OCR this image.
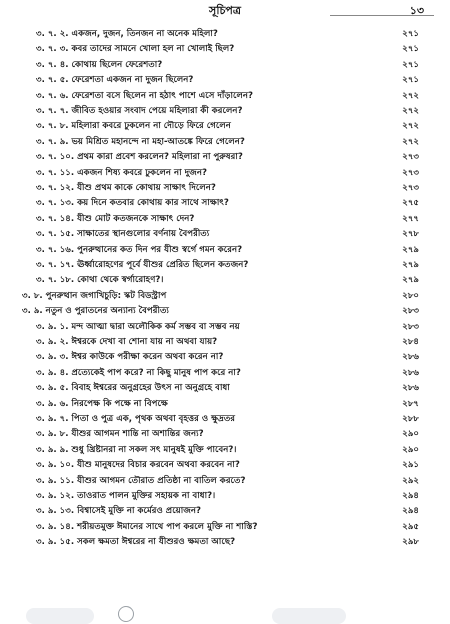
সূচিপত্র	১৩
৩. ৭. ২. একজন, দুজন, তিনজন না অনেক মহিলা?	২৭১
৩. ৭. ৩. কবর তাদের সামনে খোলা হল না খোলাই ছিল?	২৭১
৩. ৭. ৪. কোথায় ছিলেন ফেরেশতা?	২৭১
৩. ৭. ৫. ফেরেশতা একজন না দুজন ছিলেন?	২৭১
৩. ৭. ৬. ফেরেশতা বসে ছিলেন না হঠাৎ পাশে এসে দাঁড়ালেন?	২৭২
৩. ৭. ৭. জীবিত হওয়ার সংবাদ পেয়ে মহিলারা কী করলেন?	২৭২
৩. ৭. ৮. মহিলারা কবরে ঢুকলেন না দৌড়ে ফিরে গেলেন	২৭২
৩. ৭. ৯. ভয় মিশ্রিত মহানন্দে না মহা-আতঙ্কে ফিরে গেলেন?	২৭২
৩. ৭. ১০. প্রথম কারা প্রবেশ করলেন? মহিলারা না পুরুষরা?	২৭৩
৩. ৭. ১১. একজন শিষ্য কবরে ঢুকলেন না দুজন?	২৭৩
৩. ৭. ১২. যীশু প্রথম কাকে কোথায় সাক্ষাৎ দিলেন?	২৭৩
৩. ৭. ১৩. কয় দিনে কতবার কোথায় কার সাথে সাক্ষাৎ?	২৭৫
৩. ৭. ১৪. যীশু মোট কতজনকে সাক্ষাৎ দেন?	২৭৭
৩. ৭. ১৫. সাক্ষাতের স্থানগুলোর বর্ণনায় বৈপরীত্য	২৭৮
৩. ৭. ১৬. পুনরুত্থানের কত দিন পর যীশু স্বর্গে গমন করেন?	২৭৯
৩. ৭. ১৭. ঊর্ধ্বারোহণের পূর্বে যীশুর প্রেরিত ছিলেন কতজন?	২৭৯
৩. ৭. ১৮. কোথা থেকে স্বর্গারোহণ?।	২৭৯
৩. ৮. পুনরুত্থান জগাখিচুড়ি: স্কট বিডস্ট্রাপ	২৮০
৩. ৯. নতুন ও পুরাতনের অন্যান্য বৈপরীত্য	২৮৩
৩. ৯. ১. মন্দ আত্মা দ্বারা অলৌকিক কর্ম সম্ভব বা সম্ভব নয়	২৮৩
৩. ৯. ২. ঈশ্বরকে দেখা বা শোনা যায় না অথবা যায়?	২৮৪
৩. ৯. ৩. ঈশ্বর কাউকে পরীক্ষা করেন অথবা করেন না?	২৮৬
৩. ৯. ৪. প্রত্যেকেই পাপ করে? না কিছু মানুষ পাপ করে না?	২৮৬
৩. ৯. ৫. বিবাহ ঈশ্বরের অনুগ্রহের উৎস না অনুগ্রহে বাধা	২৮৬
৩. ৯. ৬. নিরপেক্ষ কি পক্ষে না বিপক্ষে	২৮৭
৩. ৯. ৭. পিতা ও পুত্র এক, পৃথক অথবা বৃহত্তর ও ক্ষুদ্রতর	২৮৮
৩. ৯. ৮. যীশুর আগমন শান্তি না অশান্তির জন্য?	২৯০
৩. ৯. ৯. শুধু খ্রিষ্টানরা না সকল সৎ মানুষই মুক্তি পাবেন?।	২৯০
৩. ৯. ১০. যীশু মানুষদের বিচার করবেন অথবা করবেন না?	২৯১
৩. ৯. ১১. যীশুর আগমন তৌরাত প্রতিষ্ঠা না বাতিল করতে?	২৯২
৩. ৯. ১২. তাওরাত পালন মুক্তির সহায়ক না বাধা?।	২৯৪
৩. ৯. ১৩. বিশ্বাসেই মুক্তি না কর্মেরও প্রয়োজন?	২৯৪
৩. ৯. ১৪. শরীয়তমুক্ত ঈমানের সাথে পাপ করলে মুক্তি না শাস্তি?	২৯৫
৩. ৯. ১৫. সকল ক্ষমতা ঈশ্বরের না যীশুরও ক্ষমতা আছে?	২৯৮
